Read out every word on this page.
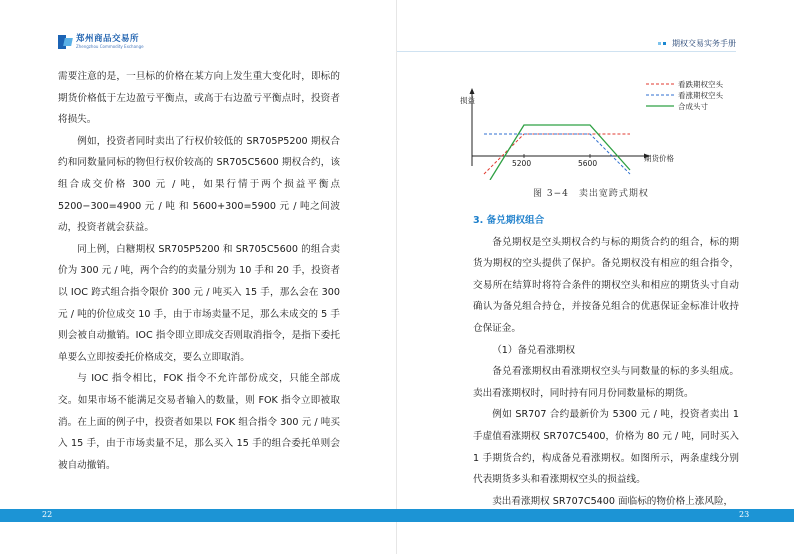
郑州商品交易所
Zhengzhou Commodity Exchange	期权交易实务手册

需要注意的是，一旦标的价格在某方向上发生重大变化时，即标的期货价格低于左边盈亏平衡点，或高于右边盈亏平衡点时，投资者将损失。

例如，投资者同时卖出了行权价较低的 SR705P5200 期权合约和同数量同标的物但行权价较高的 SR705C5600 期权合约，该组合成交价格 300 元 / 吨，如果行情于两个损益平衡点 5200−300=4900 元 / 吨 和 5600+300=5900 元 / 吨之间波动，投资者就会获益。

同上例，白糖期权 SR705P5200 和 SR705C5600 的组合卖价为 300 元 / 吨，两个合约的卖量分别为 10 手和 20 手，投资者以 IOC 跨式组合指令限价 300 元 / 吨买入 15 手，那么会在 300 元 / 吨的价位成交 10 手，由于市场卖量不足，那么未成交的 5 手则会被自动撤销。IOC 指令即立即成交否则取消指令，是指下委托单要么立即按委托价格成交，要么立即取消。

与 IOC 指令相比，FOK 指令不允许部份成交，只能全部成交。如果市场不能满足交易者输入的数量，则 FOK 指令立即被取消。在上面的例子中，投资者如果以 FOK 组合指令 300 元 / 吨买入 15 手，由于市场卖量不足，那么买入 15 手的组合委托单则会被自动撤销。

损益
期货价格
5200	5600
看跌期权空头
看涨期权空头
合成头寸
图 3−4　卖出宽跨式期权

3. 备兑期权组合

备兑期权是空头期权合约与标的期货合约的组合，标的期货为期权的空头提供了保护。备兑期权没有相应的组合指令，交易所在结算时将符合条件的期权空头和相应的期货头寸自动确认为备兑组合持仓，并按备兑组合的优惠保证金标准计收持仓保证金。

（1）备兑看涨期权

备兑看涨期权由看涨期权空头与同数量的标的多头组成。卖出看涨期权时，同时持有同月份同数量标的期货。

例如 SR707 合约最新价为 5300 元 / 吨，投资者卖出 1 手虚值看涨期权 SR707C5400，价格为 80 元 / 吨，同时买入 1 手期货合约，构成备兑看涨期权。如图所示，两条虚线分别代表期货多头和看涨期权空头的损益线。

卖出看涨期权 SR707C5400 面临标的物价格上涨风险，

22	23
